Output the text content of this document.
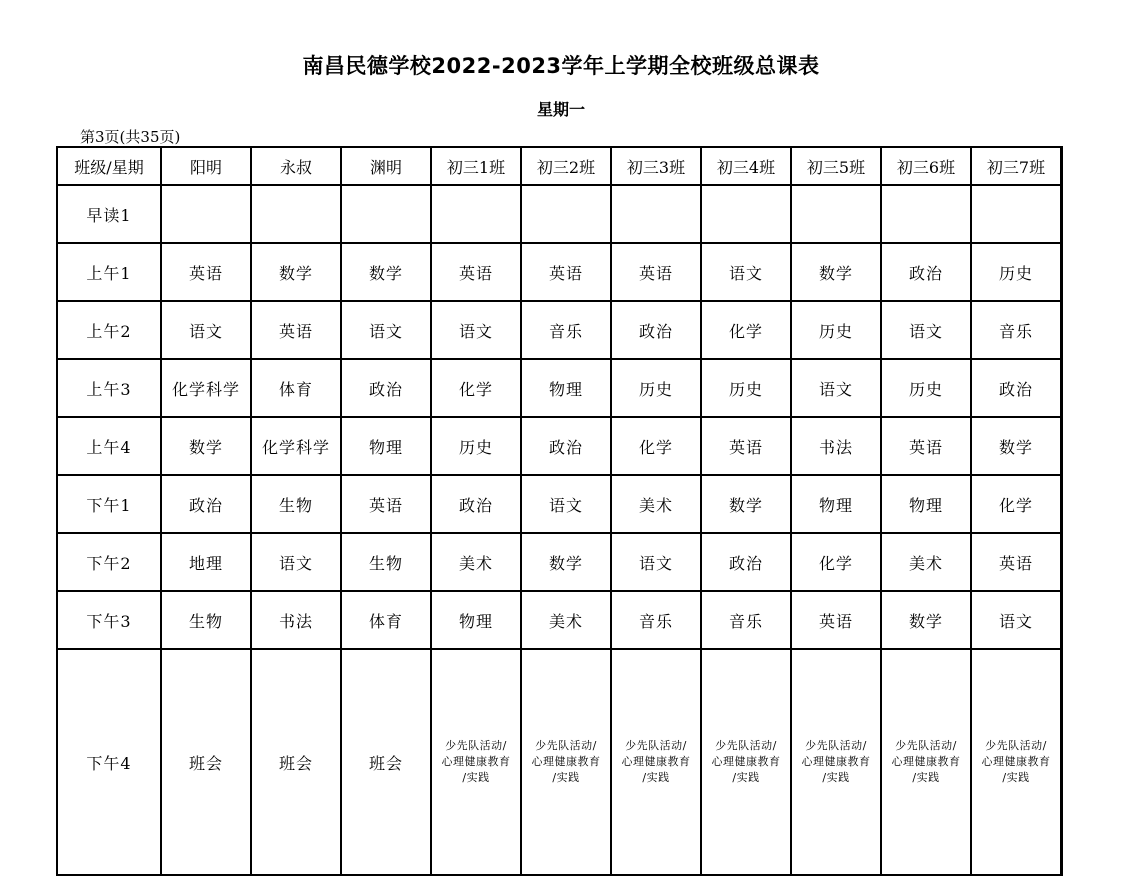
南昌民德学校2022-2023学年上学期全校班级总课表
星期一
第3页(共35页)
班级/星期	阳明	永叔	渊明	初三1班	初三2班	初三3班	初三4班	初三5班	初三6班	初三7班	
早读1											
上午1	英语	数学	数学	英语	英语	英语	语文	数学	政治	历史	
上午2	语文	英语	语文	语文	音乐	政治	化学	历史	语文	音乐	
上午3	化学科学	体育	政治	化学	物理	历史	历史	语文	历史	政治	
上午4	数学	化学科学	物理	历史	政治	化学	英语	书法	英语	数学	
下午1	政治	生物	英语	政治	语文	美术	数学	物理	物理	化学	
下午2	地理	语文	生物	美术	数学	语文	政治	化学	美术	英语	
下午3	生物	书法	体育	物理	美术	音乐	音乐	英语	数学	语文	
下午4	班会	班会	班会	少先队活动/
心理健康教育
/实践	少先队活动/
心理健康教育
/实践	少先队活动/
心理健康教育
/实践	少先队活动/
心理健康教育
/实践	少先队活动/
心理健康教育
/实践	少先队活动/
心理健康教育
/实践	少先队活动/
心理健康教育
/实践
